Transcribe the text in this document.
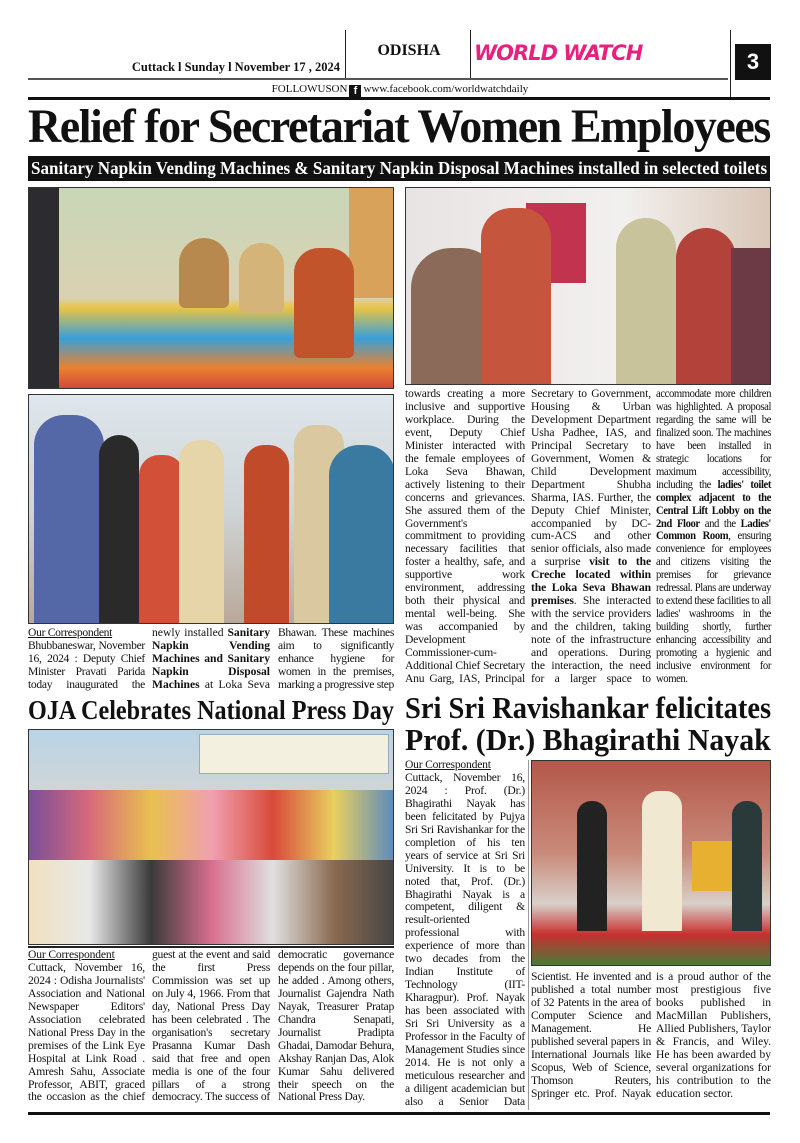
Cuttack l Sunday l November 17 , 2024
ODISHA	WORLD WATCH	3
FOLLOWUSON f www.facebook.com/worldwatchdaily
Relief for Secretariat Women Employees
Sanitary Napkin Vending Machines & Sanitary Napkin Disposal Machines installed in selected toilets
Our Correspondent
Bhubbaneswar, November 16, 2024 : Deputy Chief Minister Pravati Parida today inaugurated the
newly installed Sanitary Napkin Vending Machines and Sanitary Napkin Disposal Machines at Loka Seva
Bhawan. These machines aim to significantly enhance hygiene for women in the premises, marking a progressive step
towards creating a more inclusive and supportive workplace. During the event, Deputy Chief Minister interacted with the female employees of Loka Seva Bhawan, actively listening to their concerns and grievances. She assured them of the Government's commitment to providing necessary facilities that foster a healthy, safe, and supportive work environment, addressing both their physical and mental well-being. She was accompanied by Development Commissioner-cum-Additional Chief Secretary Anu Garg, IAS, Principal
Secretary to Government, Housing & Urban Development Department Usha Padhee, IAS, and Principal Secretary to Government, Women & Child Development Department Shubha Sharma, IAS. Further, the Deputy Chief Minister, accompanied by DC-cum-ACS and other senior officials, also made a surprise visit to the Creche located within the Loka Seva Bhawan premises. She interacted with the service providers and the children, taking note of the infrastructure and operations. During the interaction, the need for a larger space to
accommodate more children was highlighted. A proposal regarding the same will be finalized soon. The machines have been installed in strategic locations for maximum accessibility, including the ladies' toilet complex adjacent to the Central Lift Lobby on the 2nd Floor and the Ladies' Common Room, ensuring convenience for employees and citizens visiting the premises for grievance redressal. Plans are underway to extend these facilities to all ladies' washrooms in the building shortly, further enhancing accessibility and promoting a hygienic and inclusive environment for women.
OJA Celebrates National Press Day
Our Correspondent
Cuttack, November 16, 2024 : Odisha Journalists' Association and National Newspaper Editors' Association celebrated National Press Day in the premises of the Link Eye Hospital at Link Road . Amresh Sahu, Associate Professor, ABIT, graced the occasion as the chief
guest at the event and said the first Press Commission was set up on July 4, 1966. From that day, National Press Day has been celebrated . The organisation's secretary Prasanna Kumar Dash said that free and open media is one of the four pillars of a strong democracy. The success of
democratic governance depends on the four pillar, he added . Among others, Journalist Gajendra Nath Nayak, Treasurer Pratap Chandra Senapati, Journalist Pradipta Ghadai, Damodar Behura, Akshay Ranjan Das, Alok Kumar Sahu delivered their speech on the National Press Day.
Sri Sri Ravishankar felicitates
Prof. (Dr.) Bhagirathi Nayak
Our Correspondent
Cuttack, November 16, 2024 : Prof. (Dr.) Bhagirathi Nayak has been felicitated by Pujya Sri Sri Ravishankar for the completion of his ten years of service at Sri Sri University. It is to be noted that, Prof. (Dr.) Bhagirathi Nayak is a competent, diligent & result-oriented professional with experience of more than two decades from the Indian Institute of Technology (IIT-Kharagpur). Prof. Nayak has been associated with Sri Sri University as a Professor in the Faculty of Management Studies since 2014. He is not only a meticulous researcher and a diligent academician but also a Senior Data
Scientist. He invented and published a total number of 32 Patents in the area of Computer Science and Management. He published several papers in International Journals like Scopus, Web of Science, Thomson Reuters, Springer etc. Prof. Nayak
is a proud author of the most prestigious five books published in MacMillan Publishers, Allied Publishers, Taylor & Francis, and Wiley. He has been awarded by several organizations for his contribution to the education sector.
